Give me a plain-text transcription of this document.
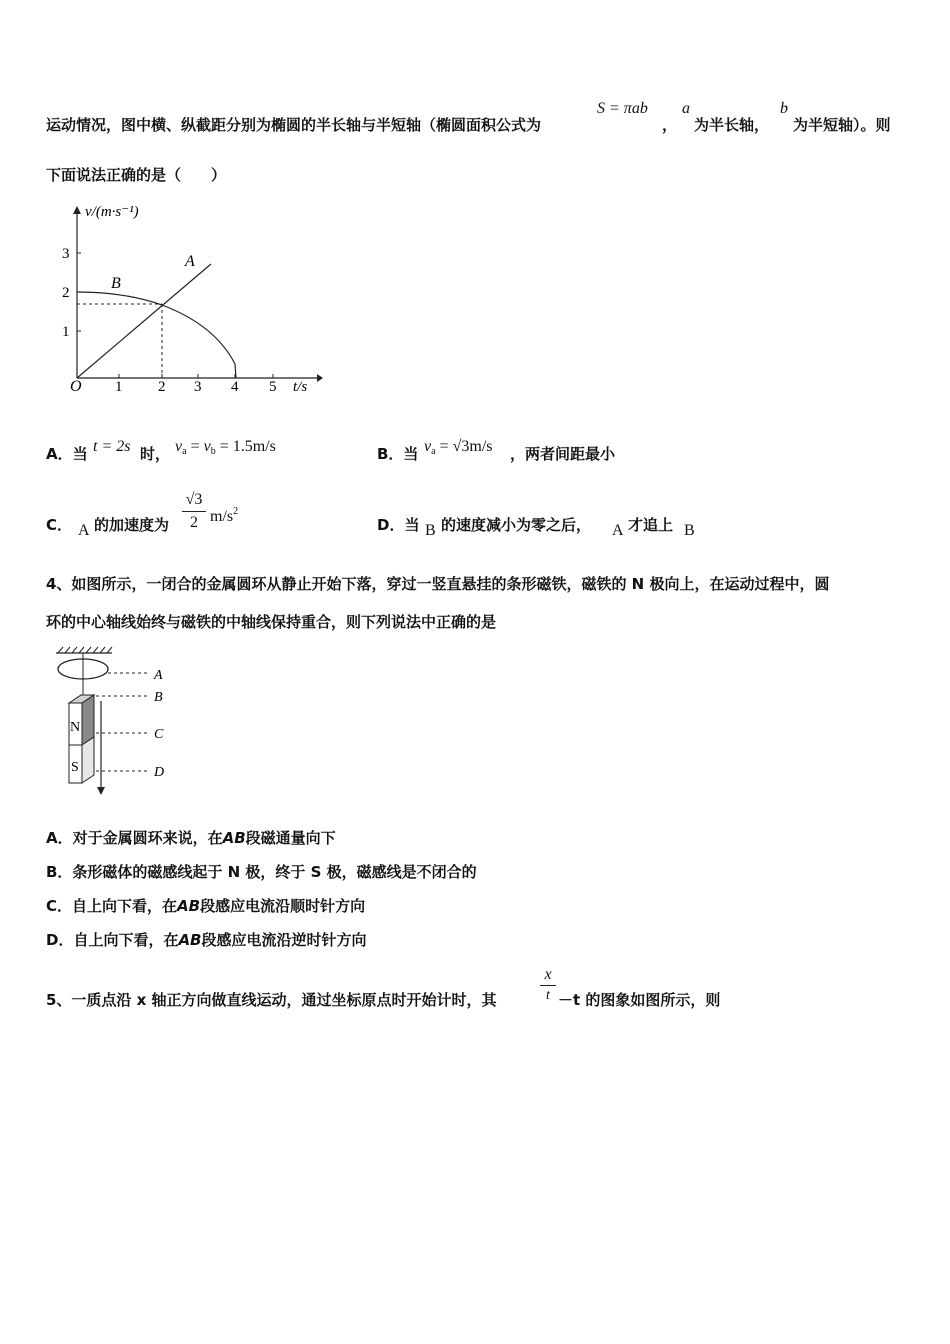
运动情况，图中横、纵截距分别为椭圆的半长轴与半短轴（椭圆面积公式为
S = πab
，
a
为半长轴，
b
为半短轴）。则
下面说法正确的是（　　）
v/(m·s⁻¹)
t/s
O 1 2 3 4 5
1
2
3	A
B
A．当 t = 2s 时， $v_a = v_b = 1.5m/s$	B．当 $v_a = √3m/s$ ，两者间距最小
C． A 的加速度为
√3
2 $m/s^2$
D．当 B 的速度减小为零之后， A 才追上 B
4、如图所示，一闭合的金属圆环从静止开始下落，穿过一竖直悬挂的条形磁铁，磁铁的 N 极向上，在运动过程中，圆
环的中心轴线始终与磁铁的中轴线保持重合，则下列说法中正确的是
N
S
A
B
C
D
A．对于金属圆环来说，在AB段磁通量向下
B．条形磁体的磁感线起于 N 极，终于 S 极，磁感线是不闭合的
C．自上向下看，在AB段感应电流沿顺时针方向
D．自上向下看，在AB段感应电流沿逆时针方向
5、一质点沿 x 轴正方向做直线运动，通过坐标原点时开始计时，其
x
t －t 的图象如图所示，则
